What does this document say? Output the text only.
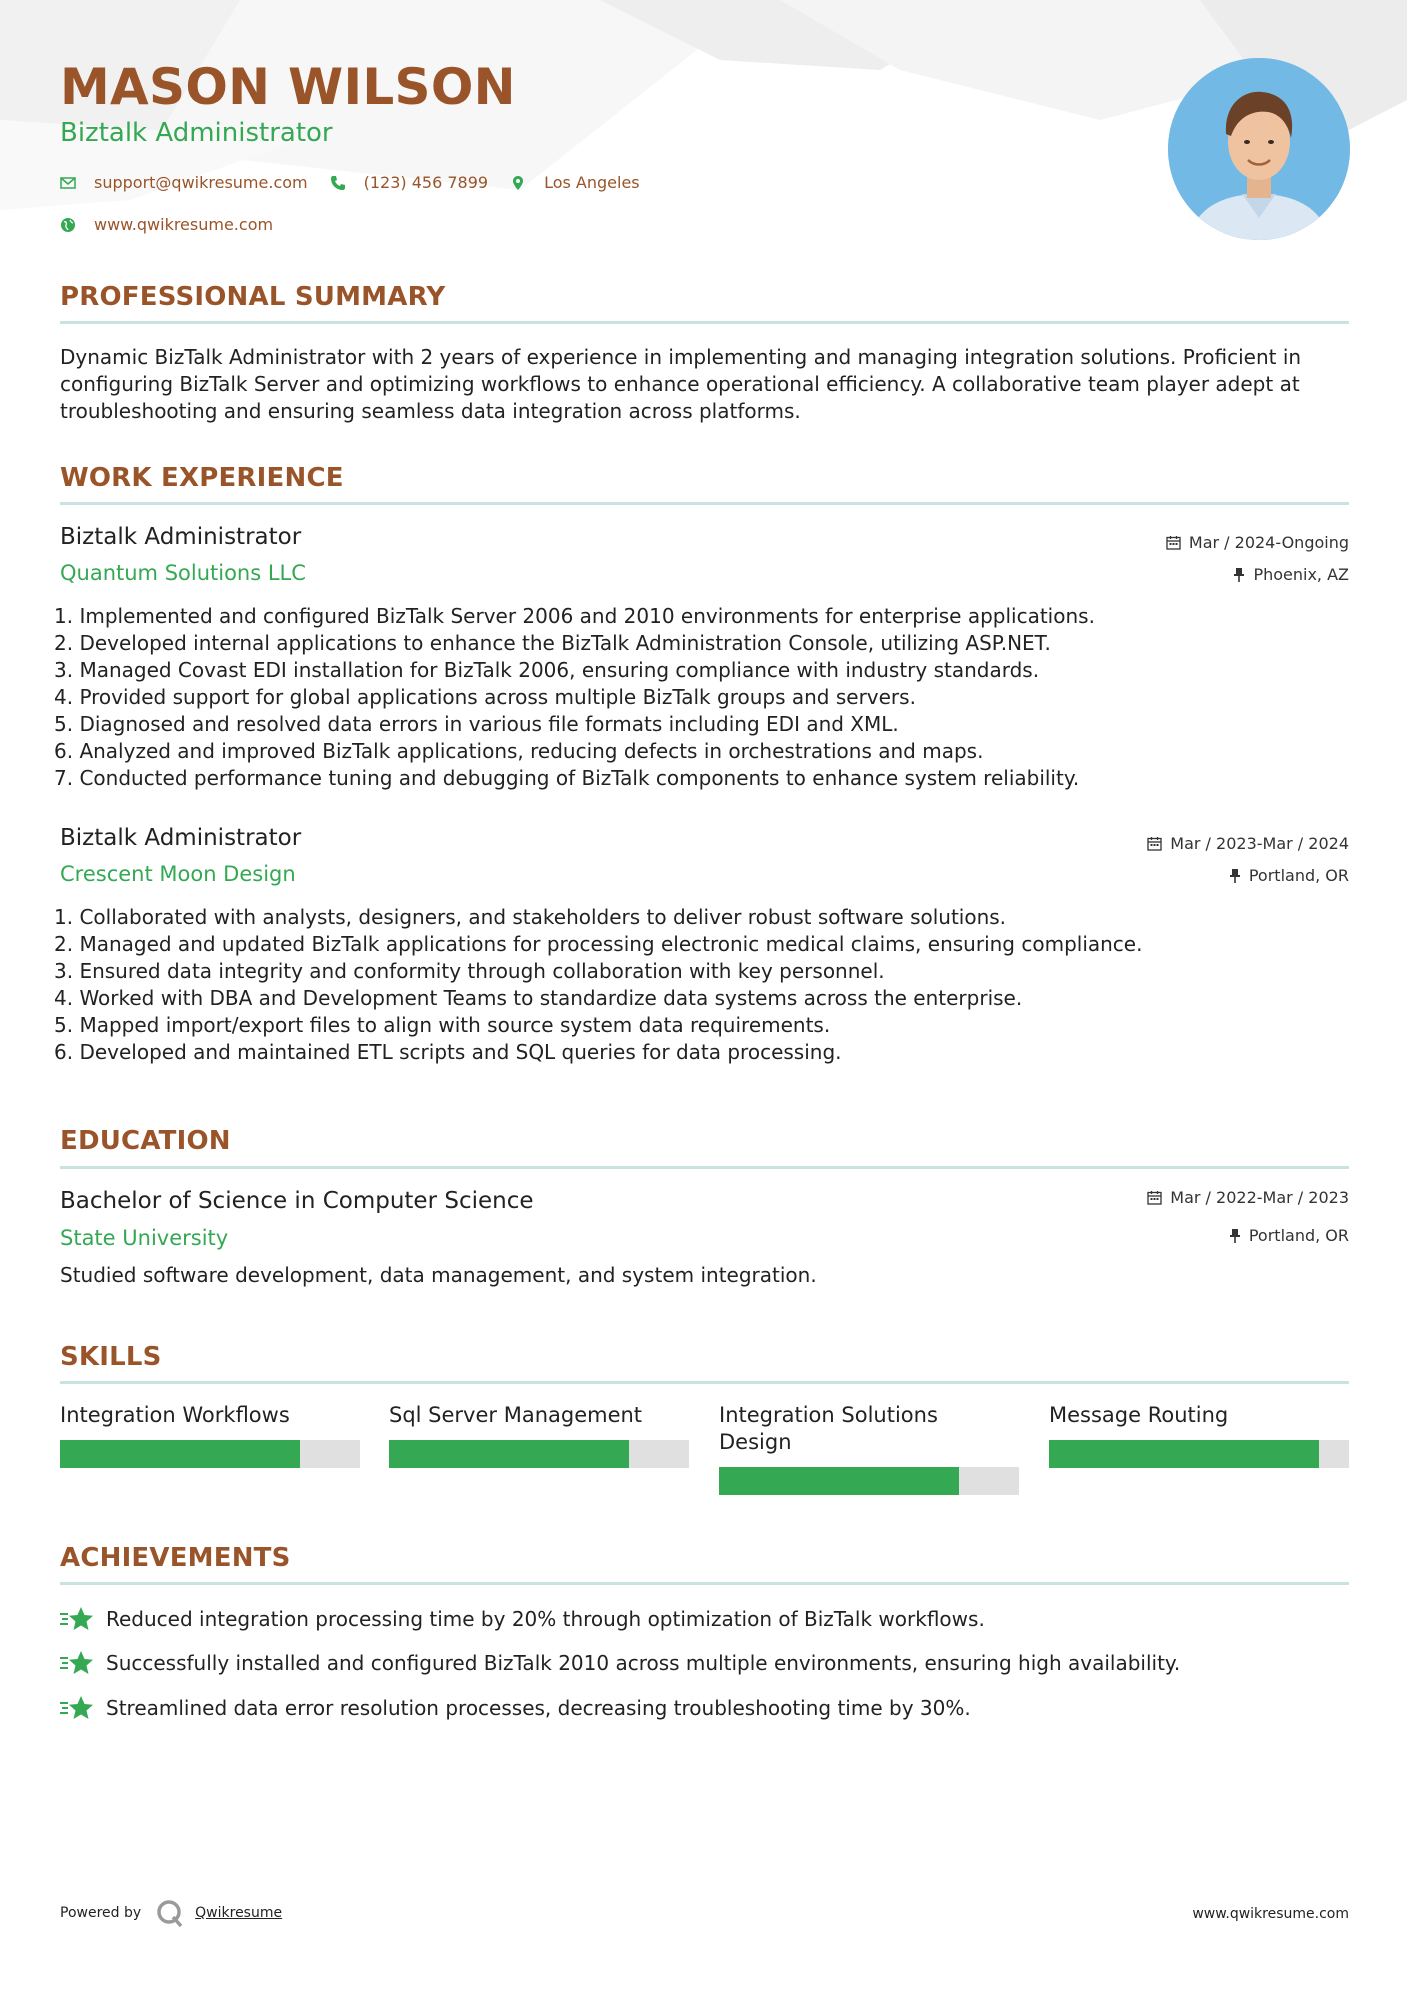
MASON WILSON
Biztalk Administrator
support@qwikresume.com	(123) 456 7899	Los Angeles
www.qwikresume.com
PROFESSIONAL SUMMARY
Dynamic BizTalk Administrator with 2 years of experience in implementing and managing integration solutions. Proficient in configuring BizTalk Server and optimizing workflows to enhance operational efficiency. A collaborative team player adept at troubleshooting and ensuring seamless data integration across platforms.
WORK EXPERIENCE
Biztalk Administrator
Quantum Solutions LLC
Mar / 2024-Ongoing
Phoenix, AZ
1. Implemented and configured BizTalk Server 2006 and 2010 environments for enterprise applications.
2. Developed internal applications to enhance the BizTalk Administration Console, utilizing ASP.NET.
3. Managed Covast EDI installation for BizTalk 2006, ensuring compliance with industry standards.
4. Provided support for global applications across multiple BizTalk groups and servers.
5. Diagnosed and resolved data errors in various file formats including EDI and XML.
6. Analyzed and improved BizTalk applications, reducing defects in orchestrations and maps.
7. Conducted performance tuning and debugging of BizTalk components to enhance system reliability.
Biztalk Administrator
Crescent Moon Design
Mar / 2023-Mar / 2024
Portland, OR
1. Collaborated with analysts, designers, and stakeholders to deliver robust software solutions.
2. Managed and updated BizTalk applications for processing electronic medical claims, ensuring compliance.
3. Ensured data integrity and conformity through collaboration with key personnel.
4. Worked with DBA and Development Teams to standardize data systems across the enterprise.
5. Mapped import/export files to align with source system data requirements.
6. Developed and maintained ETL scripts and SQL queries for data processing.
EDUCATION
Bachelor of Science in Computer Science
State University
Mar / 2022-Mar / 2023
Portland, OR
Studied software development, data management, and system integration.
SKILLS
Integration Workflows	Sql Server Management	Integration Solutions Design
Message Routing
ACHIEVEMENTS
Reduced integration processing time by 20% through optimization of BizTalk workflows.
Successfully installed and configured BizTalk 2010 across multiple environments, ensuring high availability.
Streamlined data error resolution processes, decreasing troubleshooting time by 30%.
Powered by	Qwikresume	www.qwikresume.com
